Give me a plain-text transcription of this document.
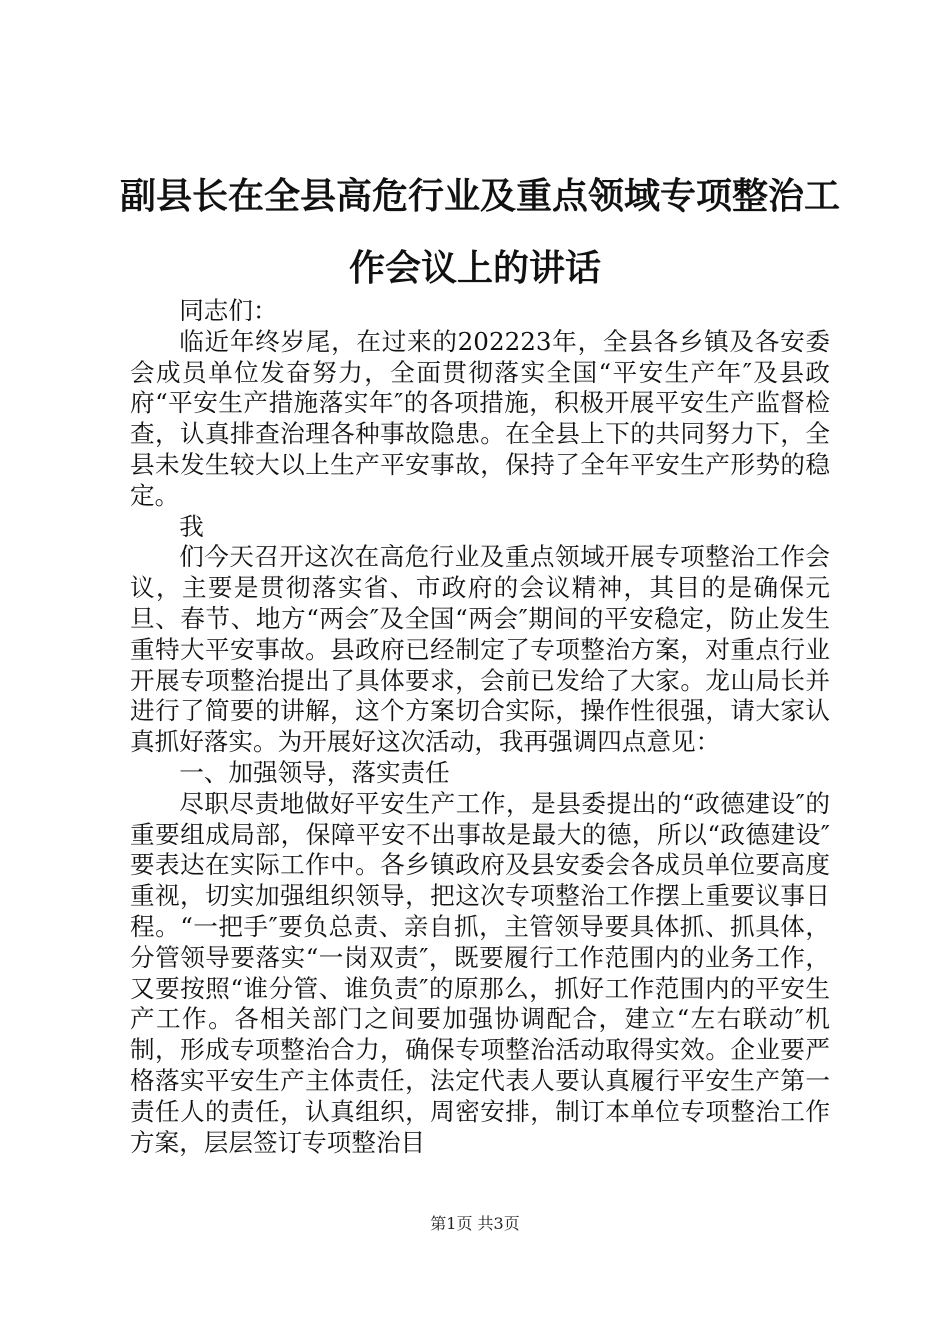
副县长在全县高危行业及重点领域专项整治工
作会议上的讲话

同志们：

临近年终岁尾，在过来的202223年，全县各乡镇及各安委会成员单位发奋努力，全面贯彻落实全国“平安生产年″及县政府“平安生产措施落实年″的各项措施，积极开展平安生产监督检查，认真排查治理各种事故隐患。在全县上下的共同努力下，全县未发生较大以上生产平安事故，保持了全年平安生产形势的稳定。

我

们今天召开这次在高危行业及重点领域开展专项整治工作会议，主要是贯彻落实省、市政府的会议精神，其目的是确保元旦、春节、地方“两会″及全国“两会″期间的平安稳定，防止发生重特大平安事故。县政府已经制定了专项整治方案，对重点行业开展专项整治提出了具体要求，会前已发给了大家。龙山局长并进行了简要的讲解，这个方案切合实际，操作性很强，请大家认真抓好落实。为开展好这次活动，我再强调四点意见：

一、加强领导，落实责任

尽职尽责地做好平安生产工作，是县委提出的“政德建设″的重要组成局部，保障平安不出事故是最大的德，所以“政德建设″要表达在实际工作中。各乡镇政府及县安委会各成员单位要高度重视，切实加强组织领导，把这次专项整治工作摆上重要议事日程。“一把手″要负总责、亲自抓，主管领导要具体抓、抓具体，分管领导要落实“一岗双责″，既要履行工作范围内的业务工作，又要按照“谁分管、谁负责″的原那么，抓好工作范围内的平安生产工作。各相关部门之间要加强协调配合，建立“左右联动″机制，形成专项整治合力，确保专项整治活动取得实效。企业要严格落实平安生产主体责任，法定代表人要认真履行平安生产第一责任人的责任，认真组织，周密安排，制订本单位专项整治工作方案，层层签订专项整治目

第1页 共3页
